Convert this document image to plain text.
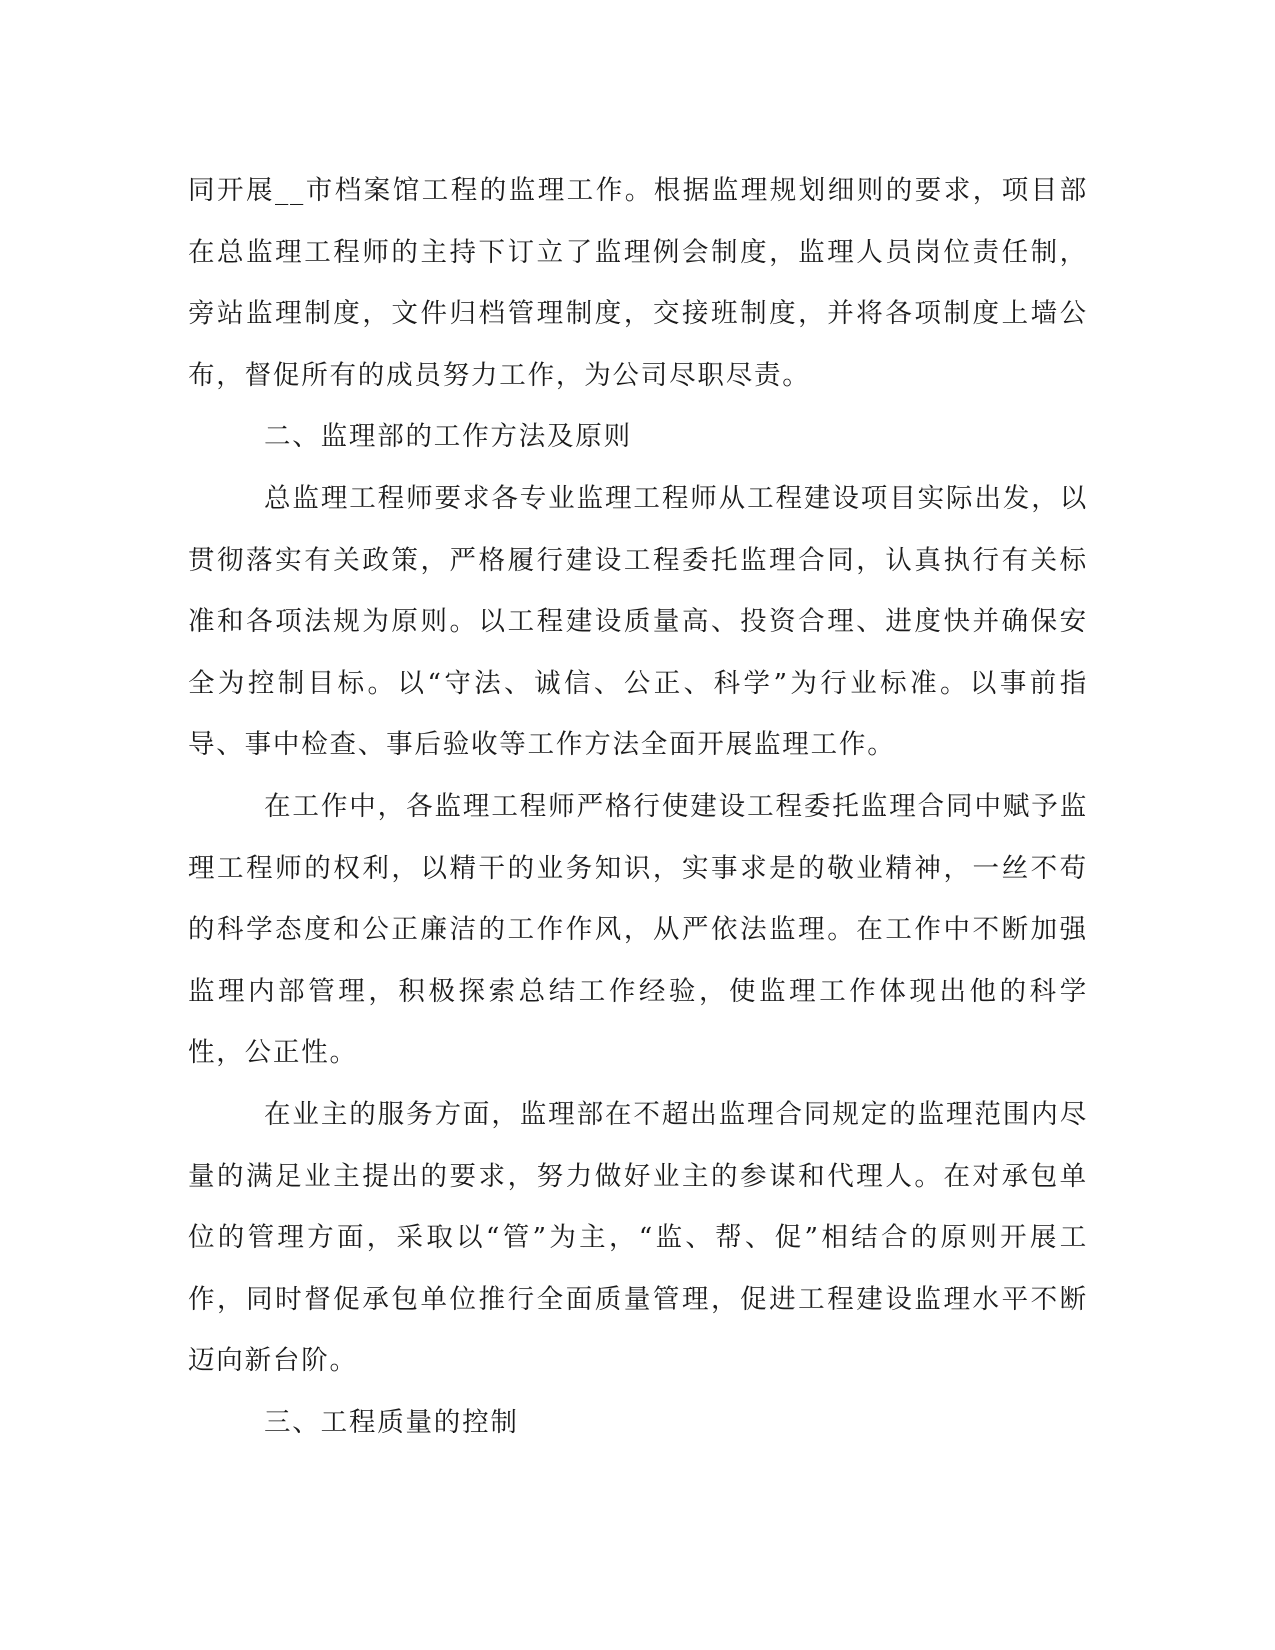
同开展__市档案馆工程的监理工作。根据监理规划细则的要求，项目部在总监理工程师的主持下订立了监理例会制度，监理人员岗位责任制，旁站监理制度，文件归档管理制度，交接班制度，并将各项制度上墙公布，督促所有的成员努力工作，为公司尽职尽责。

二、监理部的工作方法及原则

总监理工程师要求各专业监理工程师从工程建设项目实际出发，以贯彻落实有关政策，严格履行建设工程委托监理合同，认真执行有关标准和各项法规为原则。以工程建设质量高、投资合理、进度快并确保安全为控制目标。以“守法、诚信、公正、科学”为行业标准。以事前指导、事中检查、事后验收等工作方法全面开展监理工作。

在工作中，各监理工程师严格行使建设工程委托监理合同中赋予监理工程师的权利，以精干的业务知识，实事求是的敬业精神，一丝不苟的科学态度和公正廉洁的工作作风，从严依法监理。在工作中不断加强监理内部管理，积极探索总结工作经验，使监理工作体现出他的科学性，公正性。

在业主的服务方面，监理部在不超出监理合同规定的监理范围内尽量的满足业主提出的要求，努力做好业主的参谋和代理人。在对承包单位的管理方面，采取以“管”为主，“监、帮、促”相结合的原则开展工作，同时督促承包单位推行全面质量管理，促进工程建设监理水平不断迈向新台阶。

三、工程质量的控制
